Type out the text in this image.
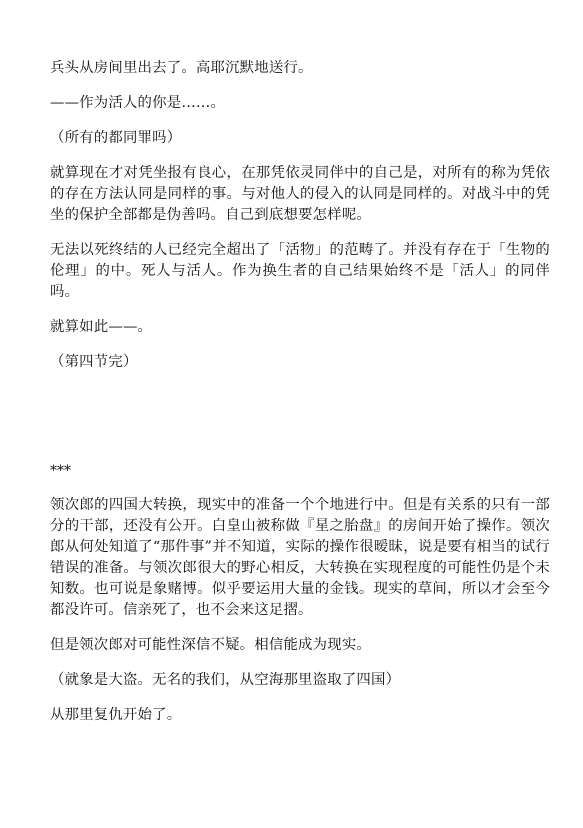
兵头从房间里出去了。高耶沉默地送行。

——作为活人的你是……。

（所有的都同罪吗）

就算现在才对凭坐报有良心，在那凭依灵同伴中的自己是，对所有的称为凭依的存在方法认同是同样的事。与对他人的侵入的认同是同样的。对战斗中的凭坐的保护全部都是伪善吗。自己到底想要怎样呢。

无法以死终结的人已经完全超出了「活物」的范畴了。并没有存在于「生物的伦理」的中。死人与活人。作为换生者的自己结果始终不是「活人」的同伴吗。

就算如此——。

（第四节完）

***

领次郎的四国大转换，现实中的准备一个个地进行中。但是有关系的只有一部分的干部，还没有公开。白皇山被称做『星之胎盘』的房间开始了操作。领次郎从何处知道了“那件事”并不知道，实际的操作很暧昧，说是要有相当的试行错误的准备。与领次郎很大的野心相反，大转换在实现程度的可能性仍是个未知数。也可说是象赌博。似乎要运用大量的金钱。现实的草间，所以才会至今都没许可。信亲死了，也不会来这足摺。

但是领次郎对可能性深信不疑。相信能成为现实。

（就象是大盗。无名的我们，从空海那里盗取了四国）

从那里复仇开始了。
